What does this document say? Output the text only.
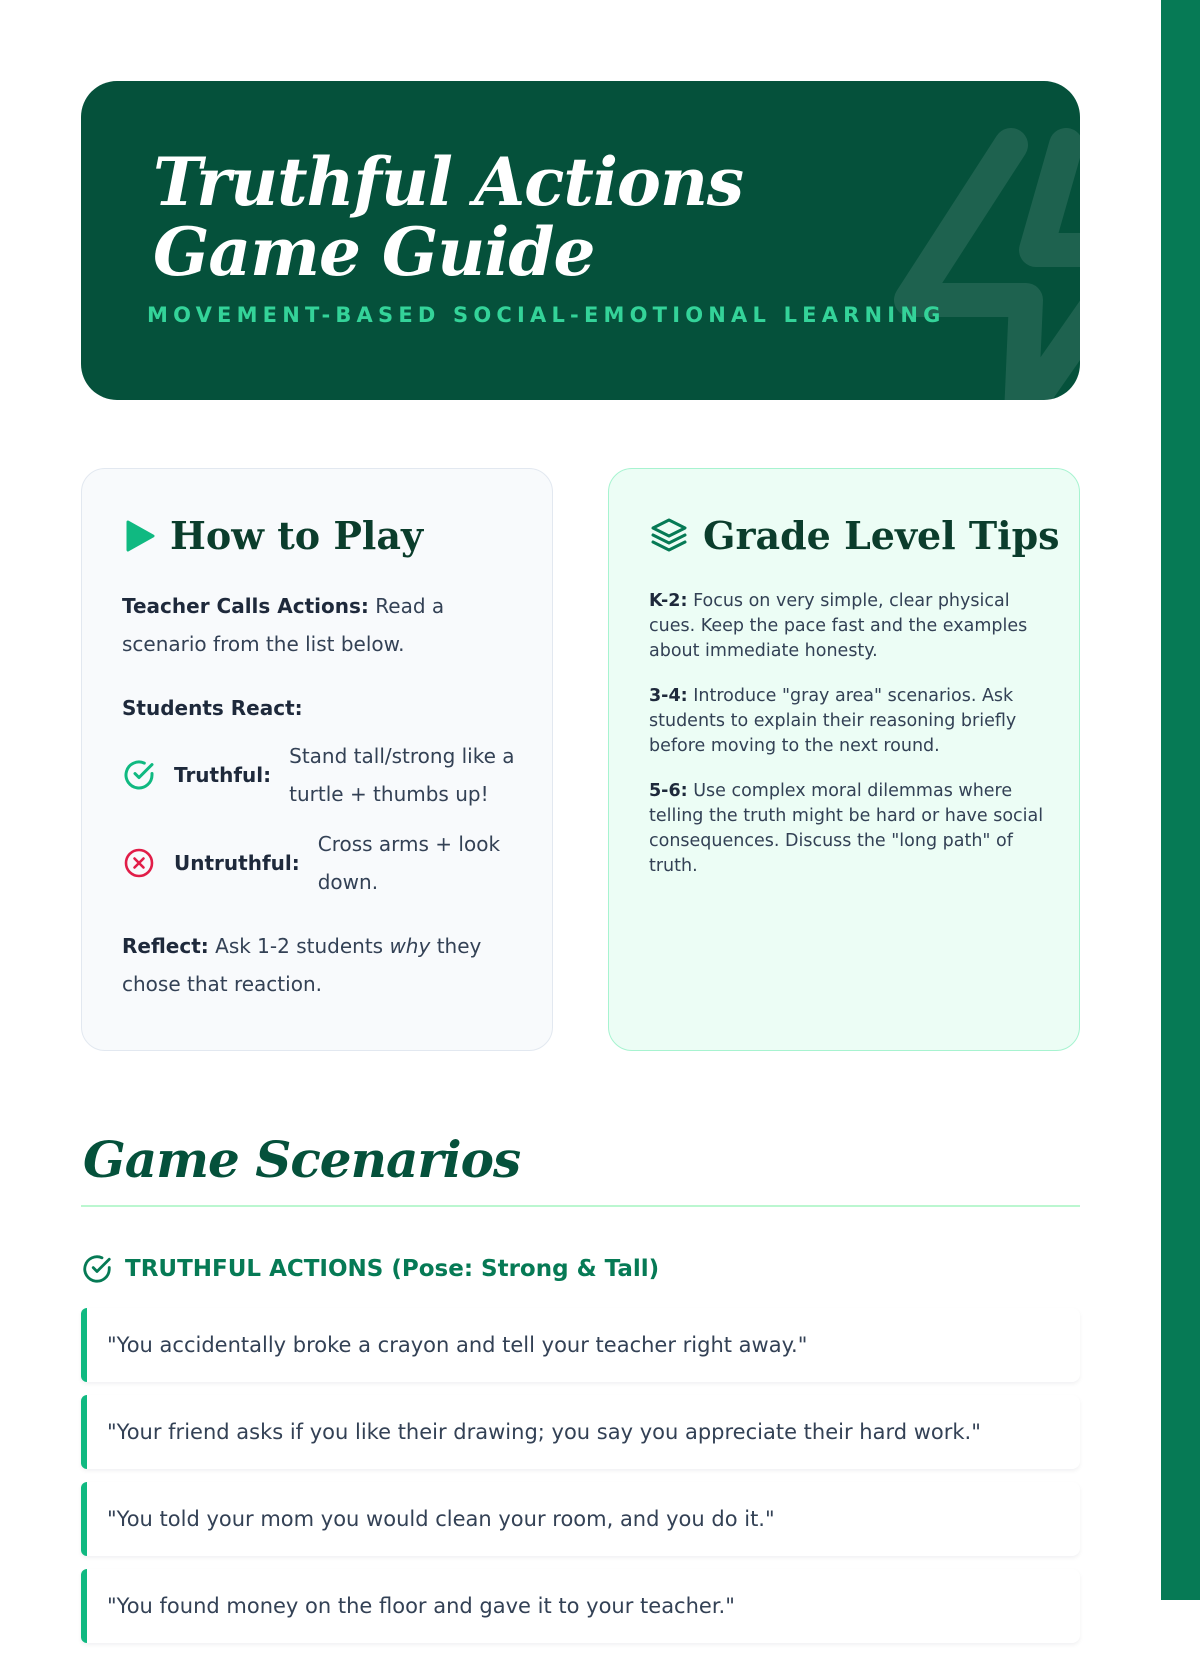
Truthful Actions Game Guide
MOVEMENT-BASED SOCIAL-EMOTIONAL LEARNING
How to Play

Teacher Calls Actions: Read a scenario from the list below.

Students React:

Truthful:
Stand tall/strong like a turtle + thumbs up!
Untruthful:
Cross arms + look down.

Reflect: Ask 1-2 students why they chose that reaction.

Grade Level Tips

K-2: Focus on very simple, clear physical cues. Keep the pace fast and the examples about immediate honesty.

3-4: Introduce "gray area" scenarios. Ask students to explain their reasoning briefly before moving to the next round.

5-6: Use complex moral dilemmas where telling the truth might be hard or have social consequences. Discuss the "long path" of truth.

Game Scenarios
TRUTHFUL ACTIONS (Pose: Strong & Tall)
"You accidentally broke a crayon and tell your teacher right away."
"Your friend asks if you like their drawing; you say you appreciate their hard work."
"You told your mom you would clean your room, and you do it."
"You found money on the floor and gave it to your teacher."
